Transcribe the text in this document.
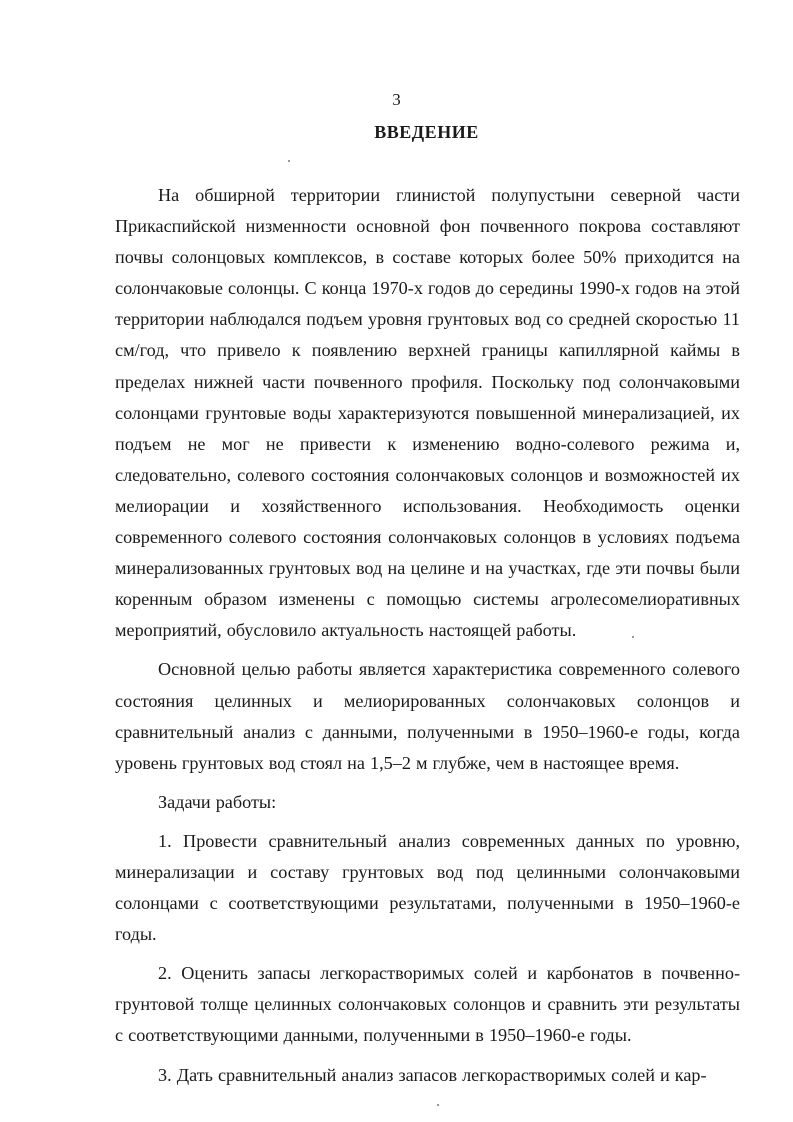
3
ВВЕДЕНИЕ

На обширной территории глинистой полупустыни северной части Прикаспийской низменности основной фон почвенного покрова составляют почвы солонцовых комплексов, в составе которых более 50% приходится на солончаковые солонцы. С конца 1970-х годов до середины 1990-х годов на этой территории наблюдался подъем уровня грунтовых вод со средней скоростью 11 см/год, что привело к появлению верхней границы капиллярной каймы в пределах нижней части почвенного профиля. Поскольку под солончаковыми солонцами грунтовые воды характеризуются повышенной минерализацией, их подъем не мог не привести к изменению водно-солевого режима и, следовательно, солевого состояния солончаковых солонцов и возможностей их мелиорации и хозяйственного использования. Необходимость оценки современного солевого состояния солончаковых солонцов в условиях подъема минерализованных грунтовых вод на целине и на участках, где эти почвы были коренным образом изменены с помощью системы агролесомелиоративных мероприятий, обусловило актуальность настоящей работы.

Основной целью работы является характеристика современного солевого состояния целинных и мелиорированных солончаковых солонцов и сравнительный анализ с данными, полученными в 1950–1960-е годы, когда уровень грунтовых вод стоял на 1,5–2 м глубже, чем в настоящее время.

Задачи работы:

1. Провести сравнительный анализ современных данных по уровню, минерализации и составу грунтовых вод под целинными солончаковыми солонцами с соответствующими результатами, полученными в 1950–1960-е годы.

2. Оценить запасы легкорастворимых солей и карбонатов в почвенно-грунтовой толще целинных солончаковых солонцов и сравнить эти результаты с соответствующими данными, полученными в 1950–1960-е годы.

3. Дать сравнительный анализ запасов легкорастворимых солей и кар-
